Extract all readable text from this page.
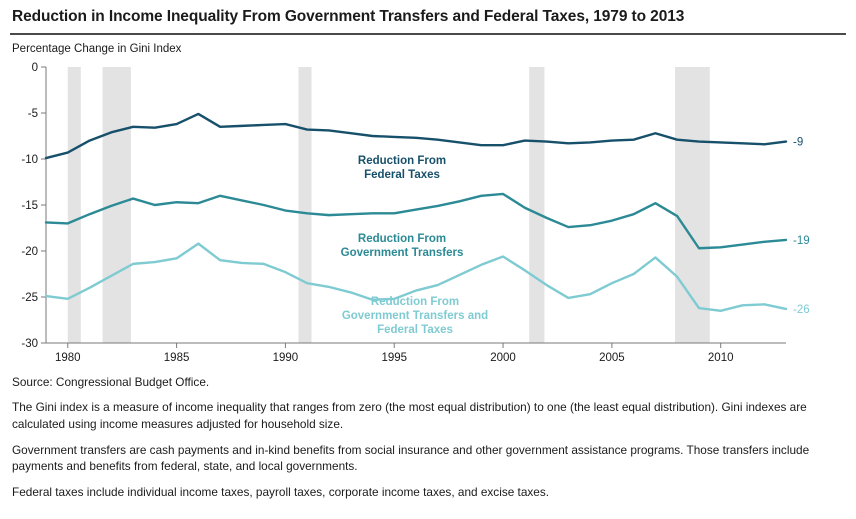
Reduction in Income Inequality From Government Transfers and Federal Taxes, 1979 to 2013
Percentage Change in Gini Index
0
-5
-10
-15
-20
-25
-30
1980	1985	1990	1995	2000	2005	2010
-9
-19
-26
Reduction From Federal Taxes
Reduction From Government Transfers
Reduction From Government Transfers and Federal Taxes
Source: Congressional Budget Office.

The Gini index is a measure of income inequality that ranges from zero (the most equal distribution) to one (the least equal distribution). Gini indexes are calculated using income measures adjusted for household size.

Government transfers are cash payments and in-kind benefits from social insurance and other government assistance programs. Those transfers include payments and benefits from federal, state, and local governments.

Federal taxes include individual income taxes, payroll taxes, corporate income taxes, and excise taxes.
